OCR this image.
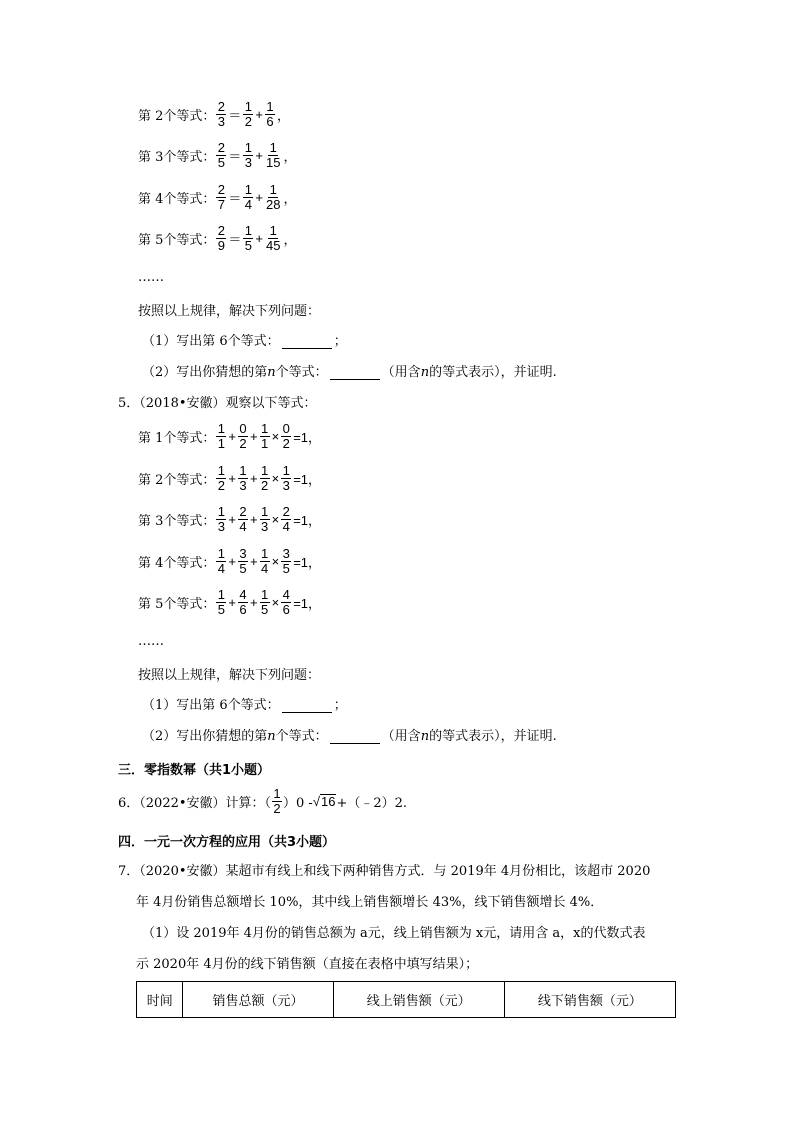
第 2个等式： $\frac{2}{3} = \frac{1}{2} + \frac{1}{6}$ ，
第 3个等式： $\frac{2}{5} = \frac{1}{3} + \frac{1}{15}$ ，
第 4个等式： $\frac{2}{7} = \frac{1}{4} + \frac{1}{28}$ ，
第 5个等式： $\frac{2}{9} = \frac{1}{5} + \frac{1}{45}$ ，
……
按照以上规律，解决下列问题：
（1）写出第 6个等式：	；
（2）写出你猜想的第 n 个等式：	（用含 n 的等式表示），并证明.
5．（2018•安徽）观察以下等式：
第 1个等式： $\frac{1}{1} + \frac{0}{2} + \frac{1}{1} \times \frac{0}{2} =1$，
第 2个等式： $\frac{1}{2} + \frac{1}{3} + \frac{1}{2} \times \frac{1}{3} =1$，
第 3个等式： $\frac{1}{3} + \frac{2}{4} + \frac{1}{3} \times \frac{2}{4} =1$，
第 4个等式： $\frac{1}{4} + \frac{3}{5} + \frac{1}{4} \times \frac{3}{5} =1$，
第 5个等式： $\frac{1}{5} + \frac{4}{6} + \frac{1}{5} \times \frac{4}{6} =1$，
……
按照以上规律，解决下列问题：
（1）写出第 6个等式：	；
（2）写出你猜想的第 n 个等式：	（用含 n 的等式表示），并证明.
三．零指数幂（共1小题）
6．（2022•安徽）计算：（ $\frac{1}{2} )0$ - √ 16 +（﹣2）2.
四．一元一次方程的应用（共3小题）
7．（2020•安徽）某超市有线上和线下两种销售方式．与 2019年 4月份相比，该超市 2020
年 4月份销售总额增长 10%，其中线上销售额增长 43%，线下销售额增长 4%．
（1）设 2019年 4月份的销售总额为 a元，线上销售额为 x元，请用含 a，x的代数式表
示 2020年 4月份的线下销售额（直接在表格中填写结果）；
时间	销售总额（元）	线上销售额（元）	线下销售额（元）
